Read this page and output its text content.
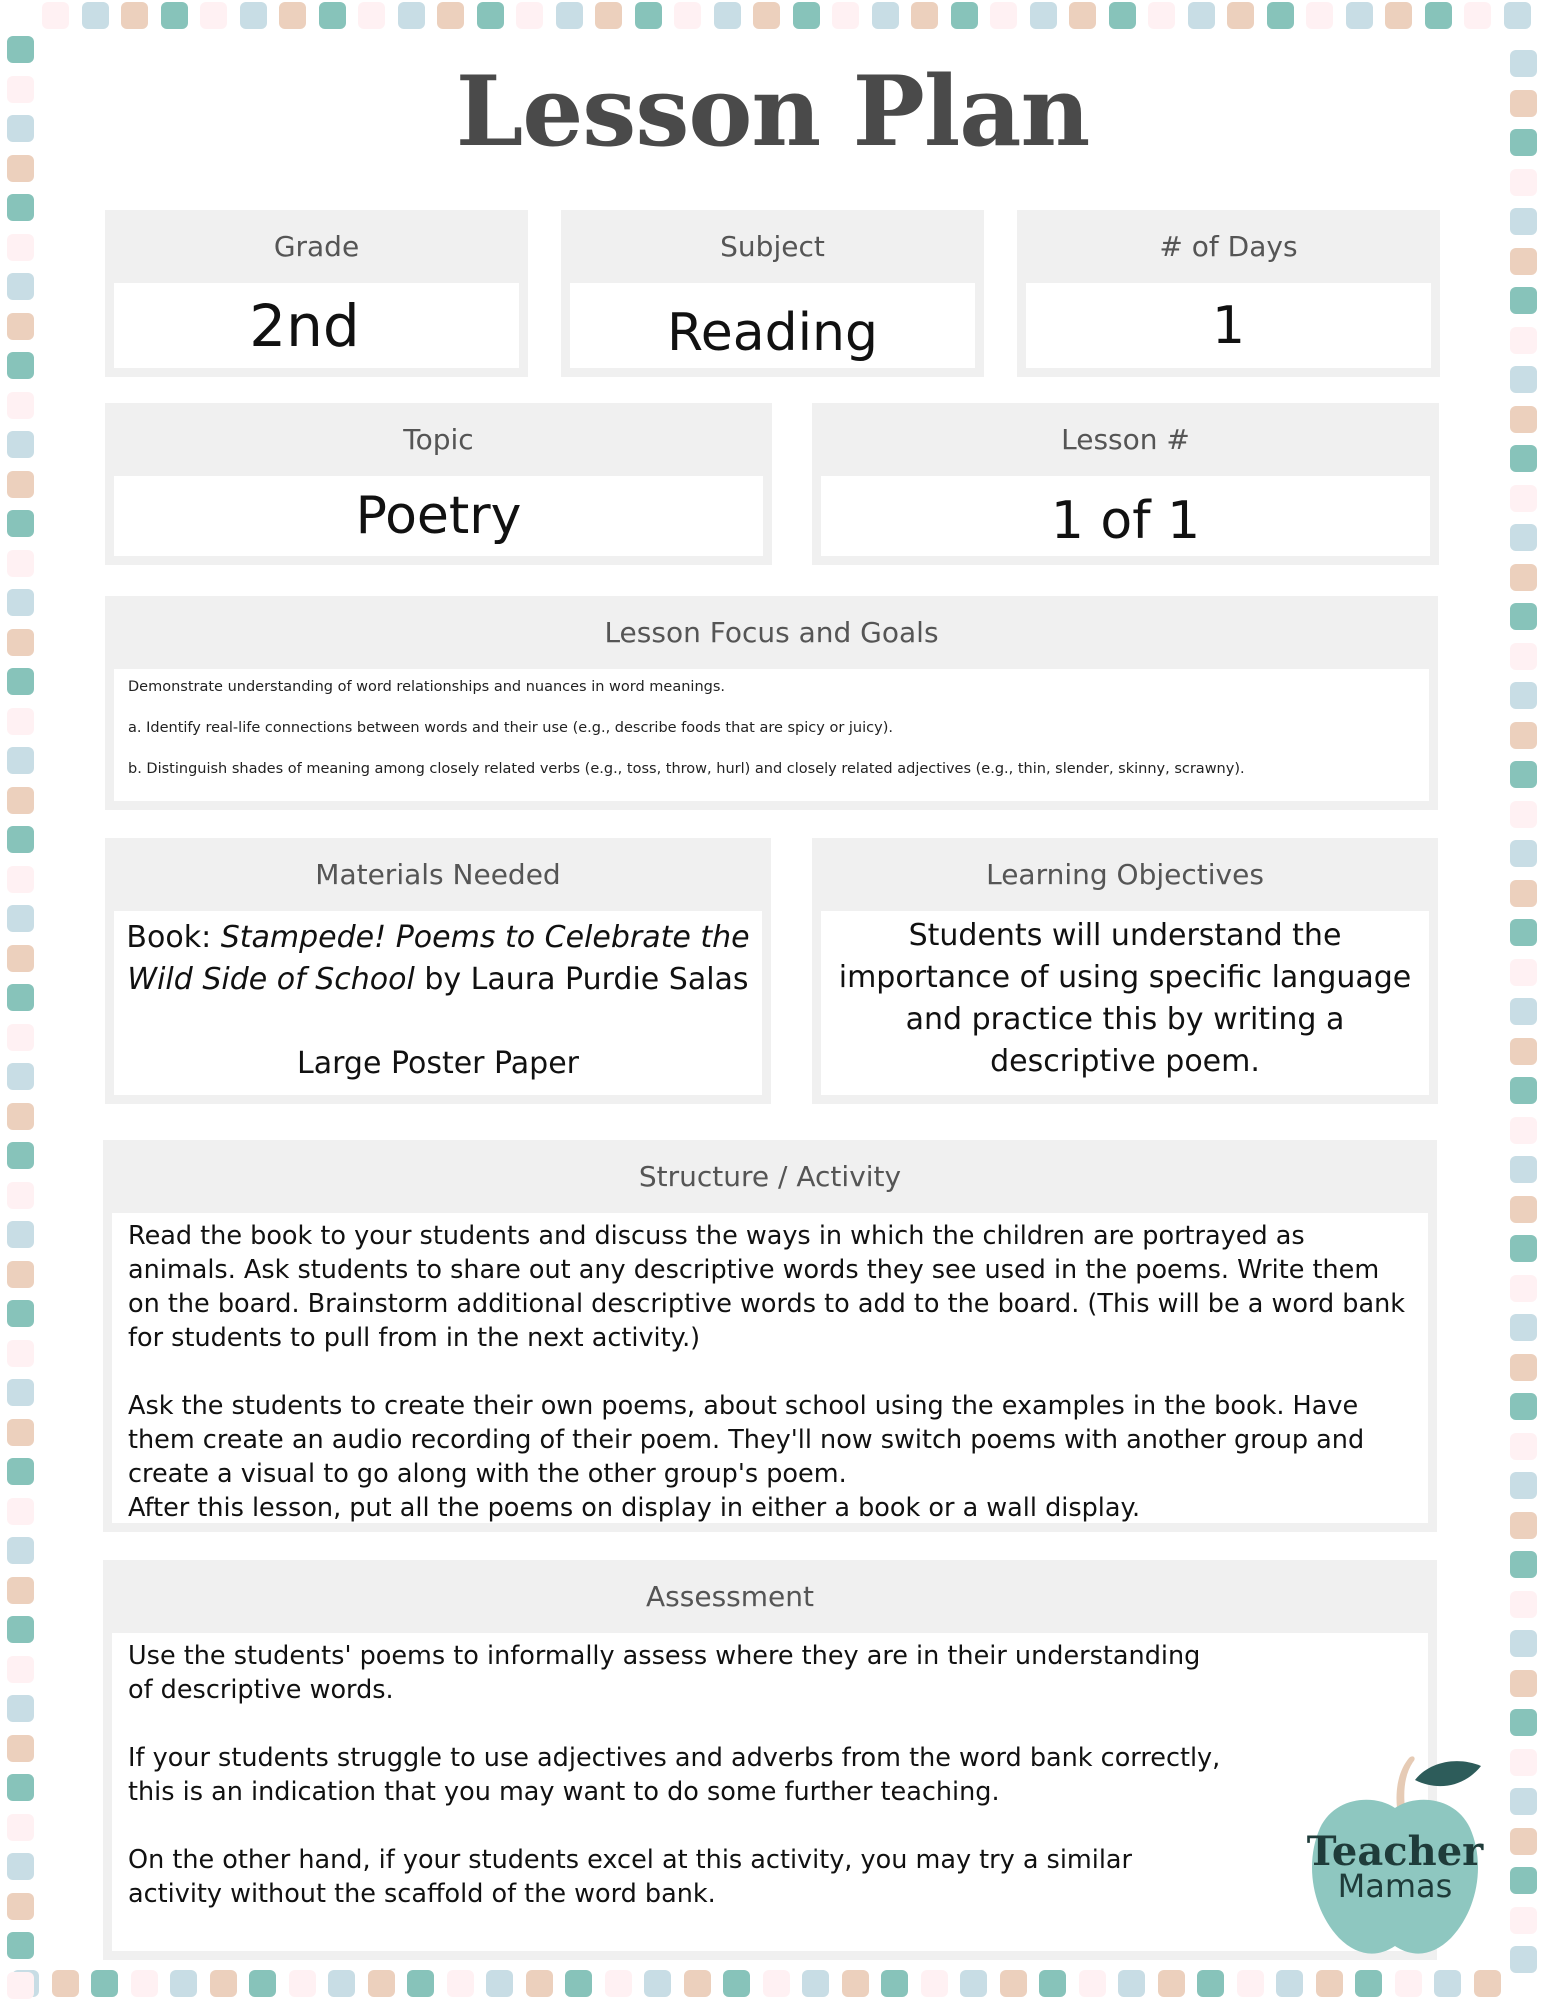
Lesson Plan
Grade
2nd
Subject
Reading
# of Days
1
Topic
Poetry
Lesson #
1 of 1
Lesson Focus and Goals

Demonstrate understanding of word relationships and nuances in word meanings.

a. Identify real-life connections between words and their use (e.g., describe foods that are spicy or juicy).

b. Distinguish shades of meaning among closely related verbs (e.g., toss, throw, hurl) and closely related adjectives (e.g., thin, slender, skinny, scrawny).

Materials Needed

Book: Stampede! Poems to Celebrate the Wild Side of School by Laura Purdie Salas

Large Poster Paper

Learning Objectives
Students will understand the importance of using specific language and practice this by writing a descriptive poem.
Structure / Activity

Read the book to your students and discuss the ways in which the children are portrayed as animals. Ask students to share out any descriptive words they see used in the poems. Write them on the board. Brainstorm additional descriptive words to add to the board. (This will be a word bank for students to pull from in the next activity.)

Ask the students to create their own poems, about school using the examples in the book. Have them create an audio recording of their poem. They'll now switch poems with another group and create a visual to go along with the other group's poem.

After this lesson, put all the poems on display in either a book or a wall display.

Assessment

Use the students' poems to informally assess where they are in their understanding of descriptive words.

If your students struggle to use adjectives and adverbs from the word bank correctly, this is an indication that you may want to do some further teaching.

On the other hand, if your students excel at this activity, you may try a similar activity without the scaffold of the word bank.

Teacher
Mamas
